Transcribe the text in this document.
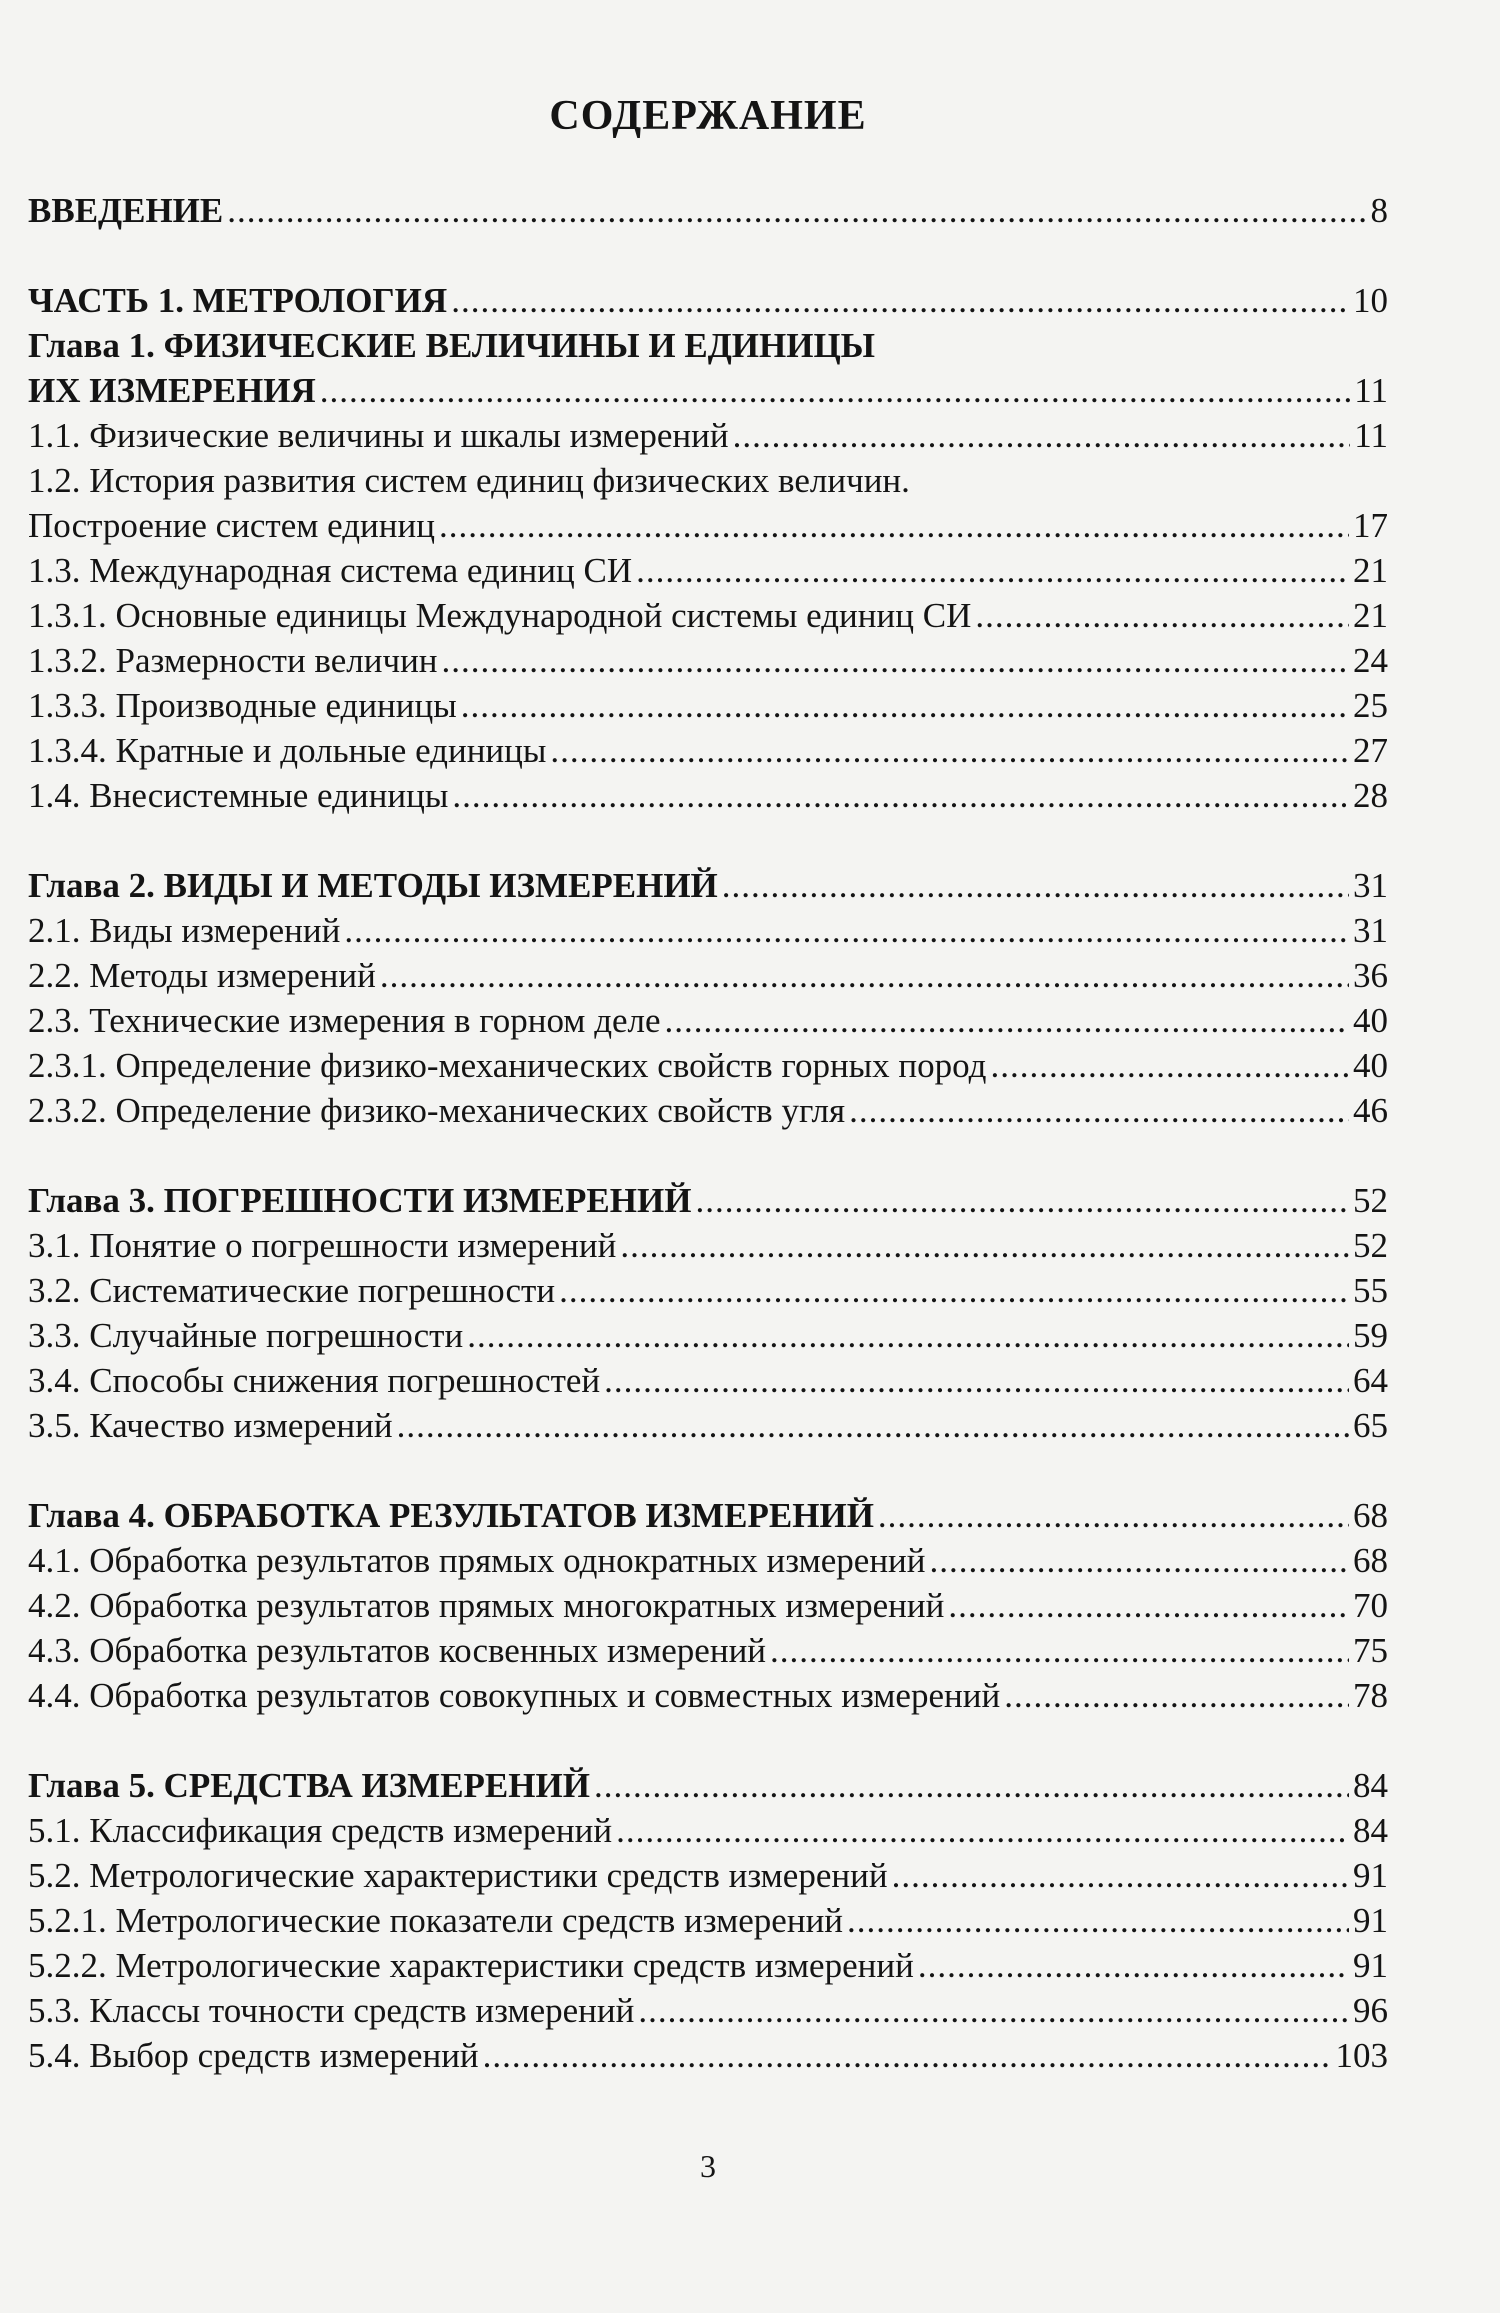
СОДЕРЖАНИЕ
ВВЕДЕНИЕ .....	8
ЧАСТЬ 1. МЕТРОЛОГИЯ .....	10
Глава 1. ФИЗИЧЕСКИЕ ВЕЛИЧИНЫ И ЕДИНИЦЫ
ИХ ИЗМЕРЕНИЯ .....	11
1.1. Физические величины и шкалы измерений .....	11
1.2. История развития систем единиц физических величин.
Построение систем единиц .....	17
1.3. Международная система единиц СИ .....	21
1.3.1. Основные единицы Международной системы единиц СИ .....	21
1.3.2. Размерности величин .....	24
1.3.3. Производные единицы .....	25
1.3.4. Кратные и дольные единицы .....	27
1.4. Внесистемные единицы .....	28
Глава 2. ВИДЫ И МЕТОДЫ ИЗМЕРЕНИЙ .....	31
2.1. Виды измерений .....	31
2.2. Методы измерений .....	36
2.3. Технические измерения в горном деле .....	40
2.3.1. Определение физико-механических свойств горных пород .....	40
2.3.2. Определение физико-механических свойств угля .....	46
Глава 3. ПОГРЕШНОСТИ ИЗМЕРЕНИЙ .....	52
3.1. Понятие о погрешности измерений .....	52
3.2. Систематические погрешности .....	55
3.3. Случайные погрешности .....	59
3.4. Способы снижения погрешностей .....	64
3.5. Качество измерений .....	65
Глава 4. ОБРАБОТКА РЕЗУЛЬТАТОВ ИЗМЕРЕНИЙ .....	68
4.1. Обработка результатов прямых однократных измерений .....	68
4.2. Обработка результатов прямых многократных измерений .....	70
4.3. Обработка результатов косвенных измерений .....	75
4.4. Обработка результатов совокупных и совместных измерений .....	78
Глава 5. СРЕДСТВА ИЗМЕРЕНИЙ .....	84
5.1. Классификация средств измерений .....	84
5.2. Метрологические характеристики средств измерений .....	91
5.2.1. Метрологические показатели средств измерений .....	91
5.2.2. Метрологические характеристики средств измерений .....	91
5.3. Классы точности средств измерений .....	96
5.4. Выбор средств измерений .....	103
3
